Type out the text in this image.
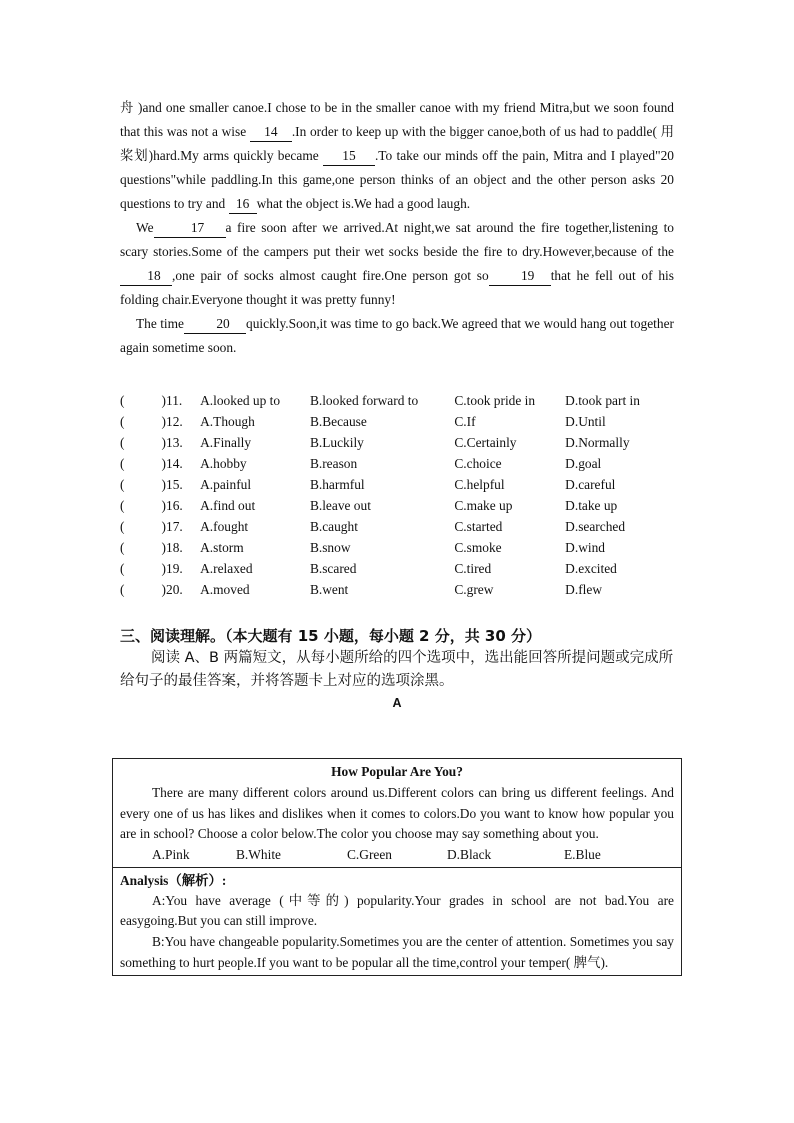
舟 )and one smaller canoe.I chose to be in the smaller canoe with my friend Mitra,but we soon found that this was not a wise 14 .In order to keep up with the bigger canoe,both of us had to paddle( 用桨划)hard.My arms quickly became 15 .To take our minds off the pain, Mitra and I played"20 questions"while paddling.In this game,one person thinks of an object and the other person asks 20 questions to try and 16 what the object is.We had a good laugh.

We	17 a fire soon after we arrived.At night,we sat around the fire together,listening to scary stories.Some of the campers put their wet socks beside the fire to dry.However,because of the18 ,one pair of socks almost caught fire.One person got so 19 that he fell out of his folding chair.Everyone thought it was pretty funny!

The time 20 quickly.Soon,it was time to go back.We agreed that we would hang out together again sometime soon.

(	)11.	A.looked up to	B.looked forward to	C.took pride in	D.took part in
(	)12.	A.Though	B.Because	C.If	D.Until
(	)13.	A.Finally	B.Luckily	C.Certainly	D.Normally
(	)14.	A.hobby	B.reason	C.choice	D.goal
(	)15.	A.painful	B.harmful	C.helpful	D.careful
(	)16.	A.find out	B.leave out	C.make up	D.take up
(	)17.	A.fought	B.caught	C.started	D.searched
(	)18.	A.storm	B.snow	C.smoke	D.wind
(	)19.	A.relaxed	B.scared	C.tired	D.excited
(	)20.	A.moved	B.went	C.grew	D.flew
三、阅读理解。（本大题有 15 小题，每小题 2 分，共 30 分）

阅读 A、B 两篇短文，从每小题所给的四个选项中，选出能回答所提问题或完成所给句子的最佳答案，并将答题卡上对应的选项涂黑。

A
How Popular Are You?

There are many different colors around us.Different colors can bring us different feelings. And every one of us has likes and dislikes when it comes to colors.Do you want to know how popular you are in school? Choose a color below.The color you choose may say something about you.

A.Pink	B.White	C.Green	D.Black	E.Blue
Analysis（解析）:

A:You have average (中等的) popularity.Your grades in school are not bad.You are easygoing.But you can still improve.

B:You have changeable popularity.Sometimes you are the center of attention. Sometimes you say something to hurt people.If you want to be popular all the time,control your temper( 脾气).
